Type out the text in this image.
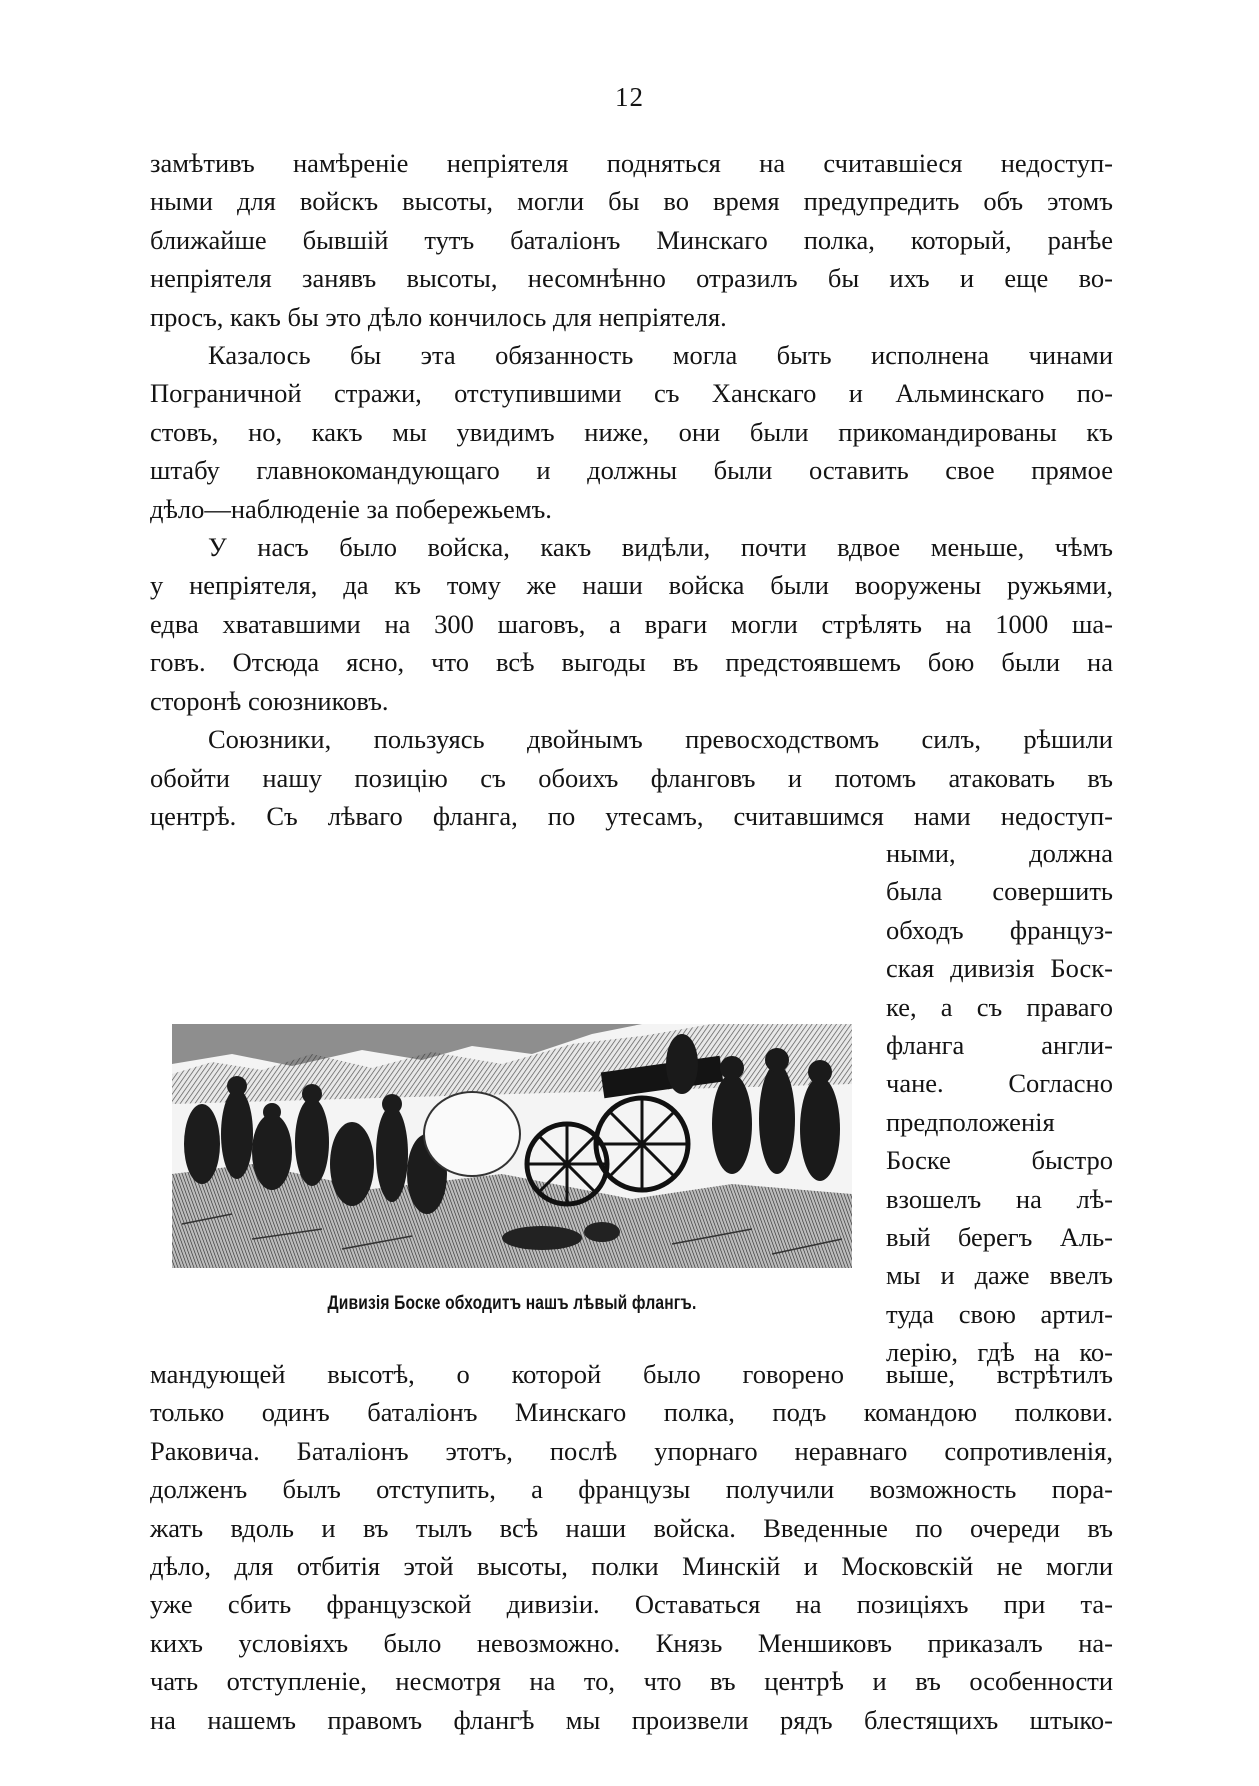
12

замѣтивъ намѣреніе непріятеля подняться на считавшіеся недоступ-

ными для войскъ высоты, могли бы во время предупредить объ этомъ

ближайше бывшій тутъ баталіонъ Минскаго полка, который, ранѣе

непріятеля занявъ высоты, несомнѣнно отразилъ бы ихъ и еще во-

просъ, какъ бы это дѣло кончилось для непріятеля.

Казалось бы эта обязанность могла быть исполнена чинами

Пограничной стражи, отступившими съ Ханскаго и Альминскаго по-

стовъ, но, какъ мы увидимъ ниже, они были прикомандированы къ

штабу главнокомандующаго и должны были оставить свое прямое

дѣло—наблюденіе за побережьемъ.

У насъ было войска, какъ видѣли, почти вдвое меньше, чѣмъ

у непріятеля, да къ тому же наши войска были вооружены ружьями,

едва хватавшими на 300 шаговъ, а враги могли стрѣлять на 1000 ша-

говъ. Отсюда ясно, что всѣ выгоды въ предстоявшемъ бою были на

сторонѣ союзниковъ.

Союзники, пользуясь двойнымъ превосходствомъ силъ, рѣшили

обойти нашу позицію съ обоихъ фланговъ и потомъ атаковать въ

центрѣ. Съ лѣваго фланга, по утесамъ, считавшимся нами недоступ-

ными, должна

была совершить

обходъ француз-

ская дивизія Боск-

ке, а съ праваго

фланга англи-

чане. Согласно

предположенія

Боске быстро

взошелъ на лѣ-

вый берегъ Аль-

мы и даже ввелъ

туда свою артил-

лерію, гдѣ на ко-

Дивизія Боске обходитъ нашъ лѣвый флангъ.

мандующей высотѣ, о которой было говорено выше, встрѣтилъ

только одинъ баталіонъ Минскаго полка, подъ командою полкови.

Раковича. Баталіонъ этотъ, послѣ упорнаго неравнаго сопротивленія,

долженъ былъ отступить, а французы получили возможность пора-

жать вдоль и въ тылъ всѣ наши войска. Введенные по очереди въ

дѣло, для отбитія этой высоты, полки Минскій и Московскій не могли

уже сбить французской дивизіи. Оставаться на позиціяхъ при та-

кихъ условіяхъ было невозможно. Князь Меншиковъ приказалъ на-

чать отступленіе, несмотря на то, что въ центрѣ и въ особенности

на нашемъ правомъ флангѣ мы произвели рядъ блестящихъ штыко-
